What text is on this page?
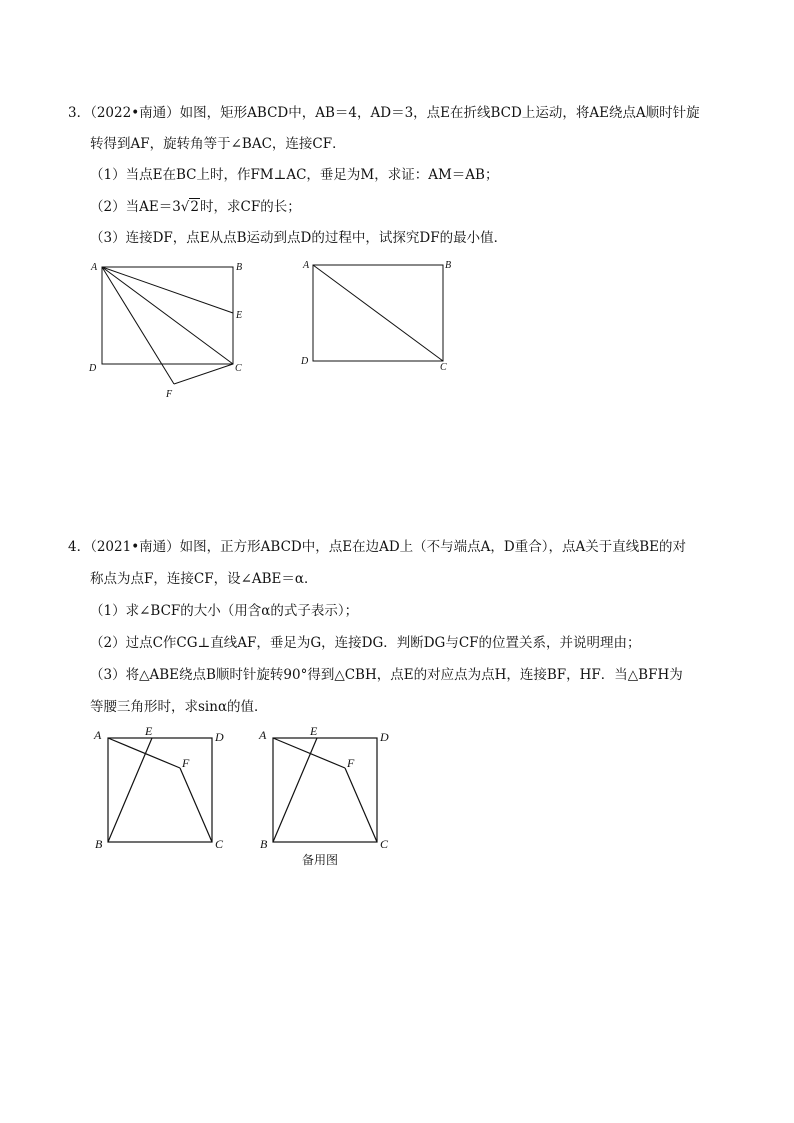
3．（2022•南通）如图，矩形ABCD中，AB＝4，AD＝3，点E在折线BCD上运动，将AE绕点A顺时针旋
转得到AF，旋转角等于∠BAC，连接CF．
（1）当点E在BC上时，作FM⊥AC，垂足为M，求证：AM＝AB；
（2）当AE＝3√2时，求CF的长；
（3）连接DF，点E从点B运动到点D的过程中，试探究DF的最小值．
A	B
E
D	C
F
A	B
D
C
4．（2021•南通）如图，正方形ABCD中，点E在边AD上（不与端点A，D重合），点A关于直线BE的对
称点为点F，连接CF，设∠ABE＝α．
（1）求∠BCF的大小（用含α的式子表示）；
（2）过点C作CG⊥直线AF，垂足为G，连接DG．判断DG与CF的位置关系，并说明理由；
（3）将△ABE绕点B顺时针旋转90°得到△CBH，点E的对应点为点H，连接BF，HF．当△BFH为
等腰三角形时，求sinα的值．
A	E	D
F
B	C
A	E	D
F
B	C
备用图
